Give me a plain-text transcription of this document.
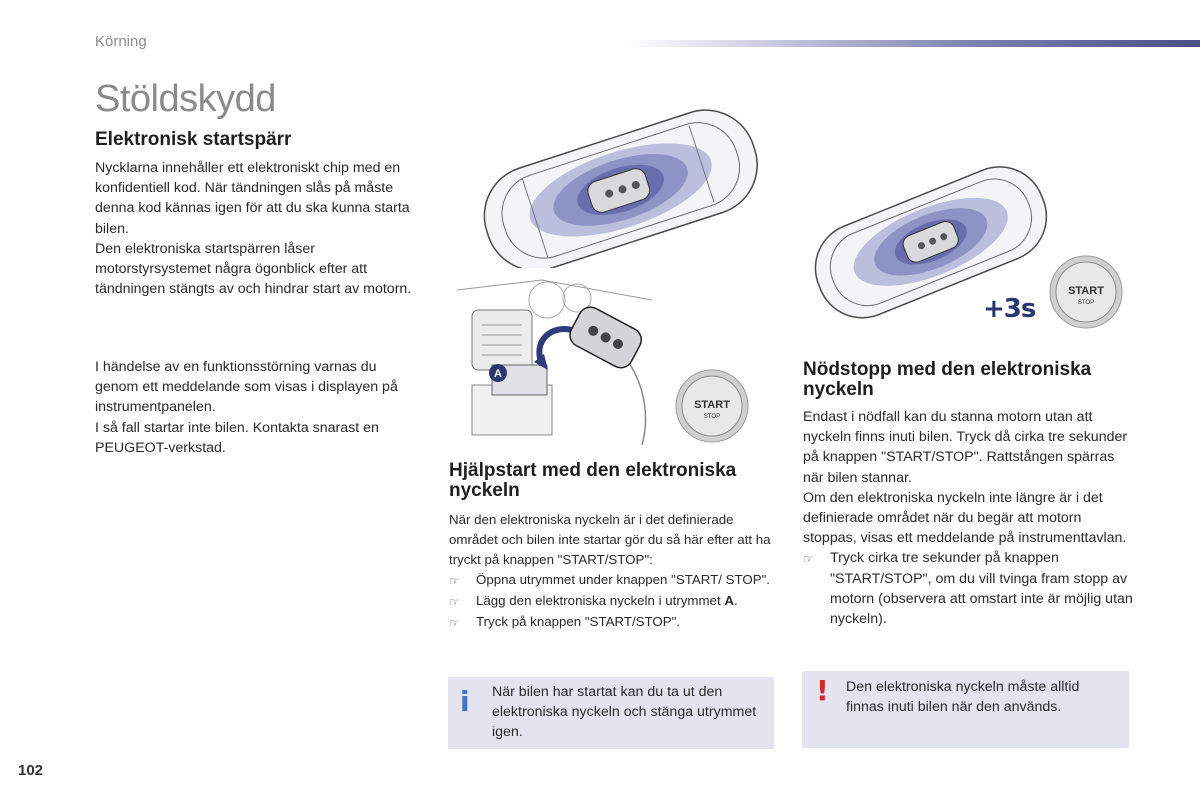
Körning
Stöldskydd
Elektronisk startspärr

Nycklarna innehåller ett elektroniskt chip med en konfidentiell kod. När tändningen slås på måste denna kod kännas igen för att du ska kunna starta bilen.

Den elektroniska startspärren låser motorstyrsystemet några ögonblick efter att tändningen stängts av och hindrar start av motorn.

I händelse av en funktionsstörning varnas du genom ett meddelande som visas i displayen på instrumentpanelen.

I så fall startar inte bilen. Kontakta snarast en PEUGEOT-verkstad.

A
START
STOP
Hjälpstart med den elektroniska nyckeln

När den elektroniska nyckeln är i det definierade området och bilen inte startar gör du så här efter att ha tryckt på knappen "START/STOP":

☞	Öppna utrymmet under knappen "START/ STOP".
☞	Lägg den elektroniska nyckeln i utrymmet A.
☞	Tryck på knappen "START/STOP".
i När bilen har startat kan du ta ut den elektroniska nyckeln och stänga utrymmet igen.
START
STOP
+3s
Nödstopp med den elektroniska nyckeln

Endast i nödfall kan du stanna motorn utan att nyckeln finns inuti bilen. Tryck då cirka tre sekunder på knappen "START/STOP". Rattstången spärras när bilen stannar.

Om den elektroniska nyckeln inte längre är i det definierade området när du begär att motorn stoppas, visas ett meddelande på instrumenttavlan.

☞	Tryck cirka tre sekunder på knappen "START/STOP", om du vill tvinga fram stopp av motorn (observera att omstart inte är möjlig utan nyckeln).
! Den elektroniska nyckeln måste alltid finnas inuti bilen när den används.
102
